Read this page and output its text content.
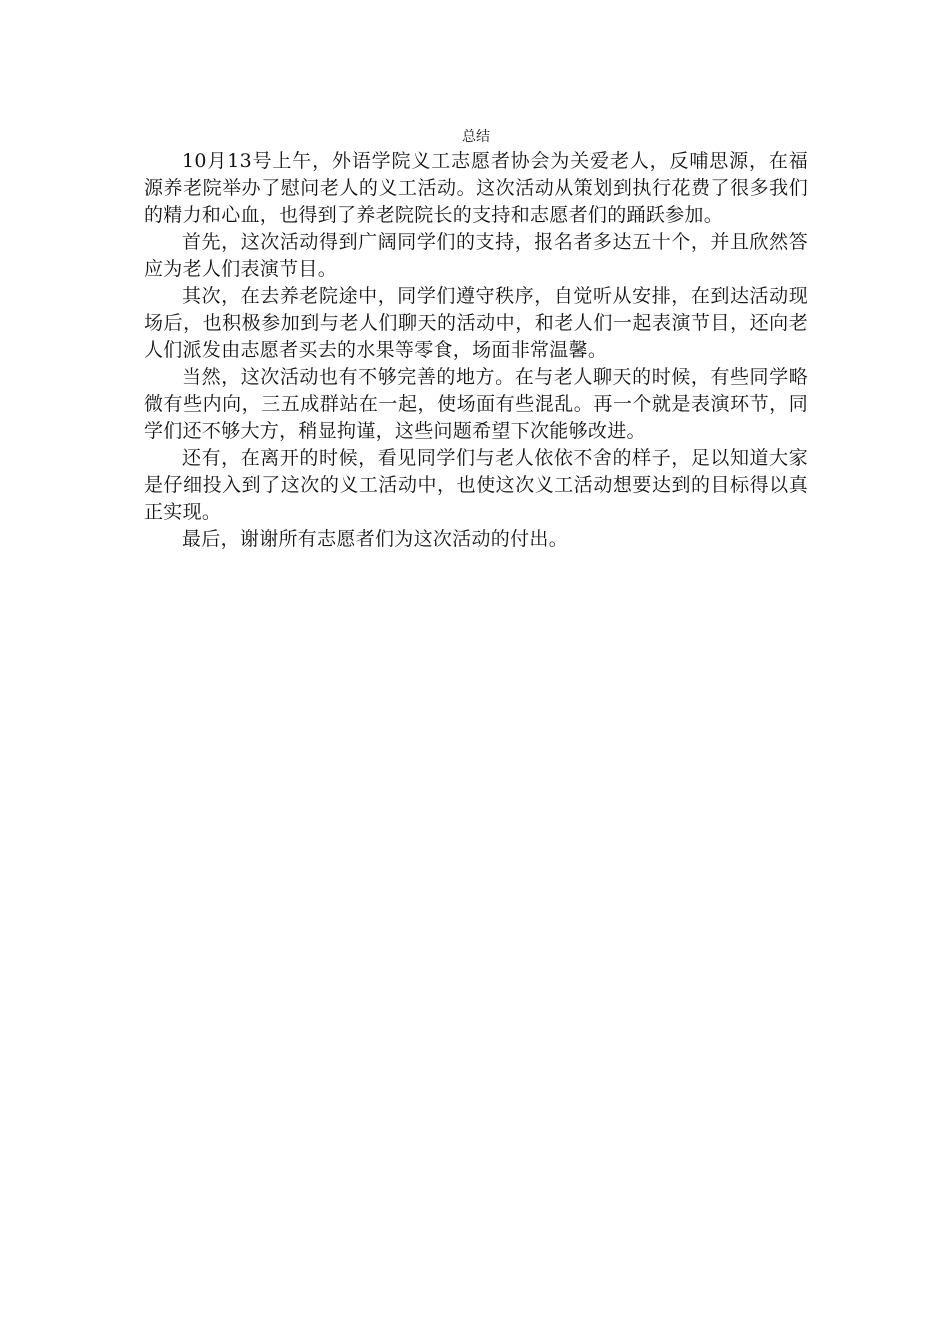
总结

10月13号上午，外语学院义工志愿者协会为关爱老人，反哺思源，在福源养老院举办了慰问老人的义工活动。这次活动从策划到执行花费了很多我们的精力和心血，也得到了养老院院长的支持和志愿者们的踊跃参加。

首先，这次活动得到广阔同学们的支持，报名者多达五十个，并且欣然答应为老人们表演节目。

其次，在去养老院途中，同学们遵守秩序，自觉听从安排，在到达活动现场后，也积极参加到与老人们聊天的活动中，和老人们一起表演节目，还向老人们派发由志愿者买去的水果等零食，场面非常温馨。

当然，这次活动也有不够完善的地方。在与老人聊天的时候，有些同学略微有些内向，三五成群站在一起，使场面有些混乱。再一个就是表演环节，同学们还不够大方，稍显拘谨，这些问题希望下次能够改进。

还有，在离开的时候，看见同学们与老人依依不舍的样子，足以知道大家是仔细投入到了这次的义工活动中，也使这次义工活动想要达到的目标得以真正实现。

最后，谢谢所有志愿者们为这次活动的付出。
